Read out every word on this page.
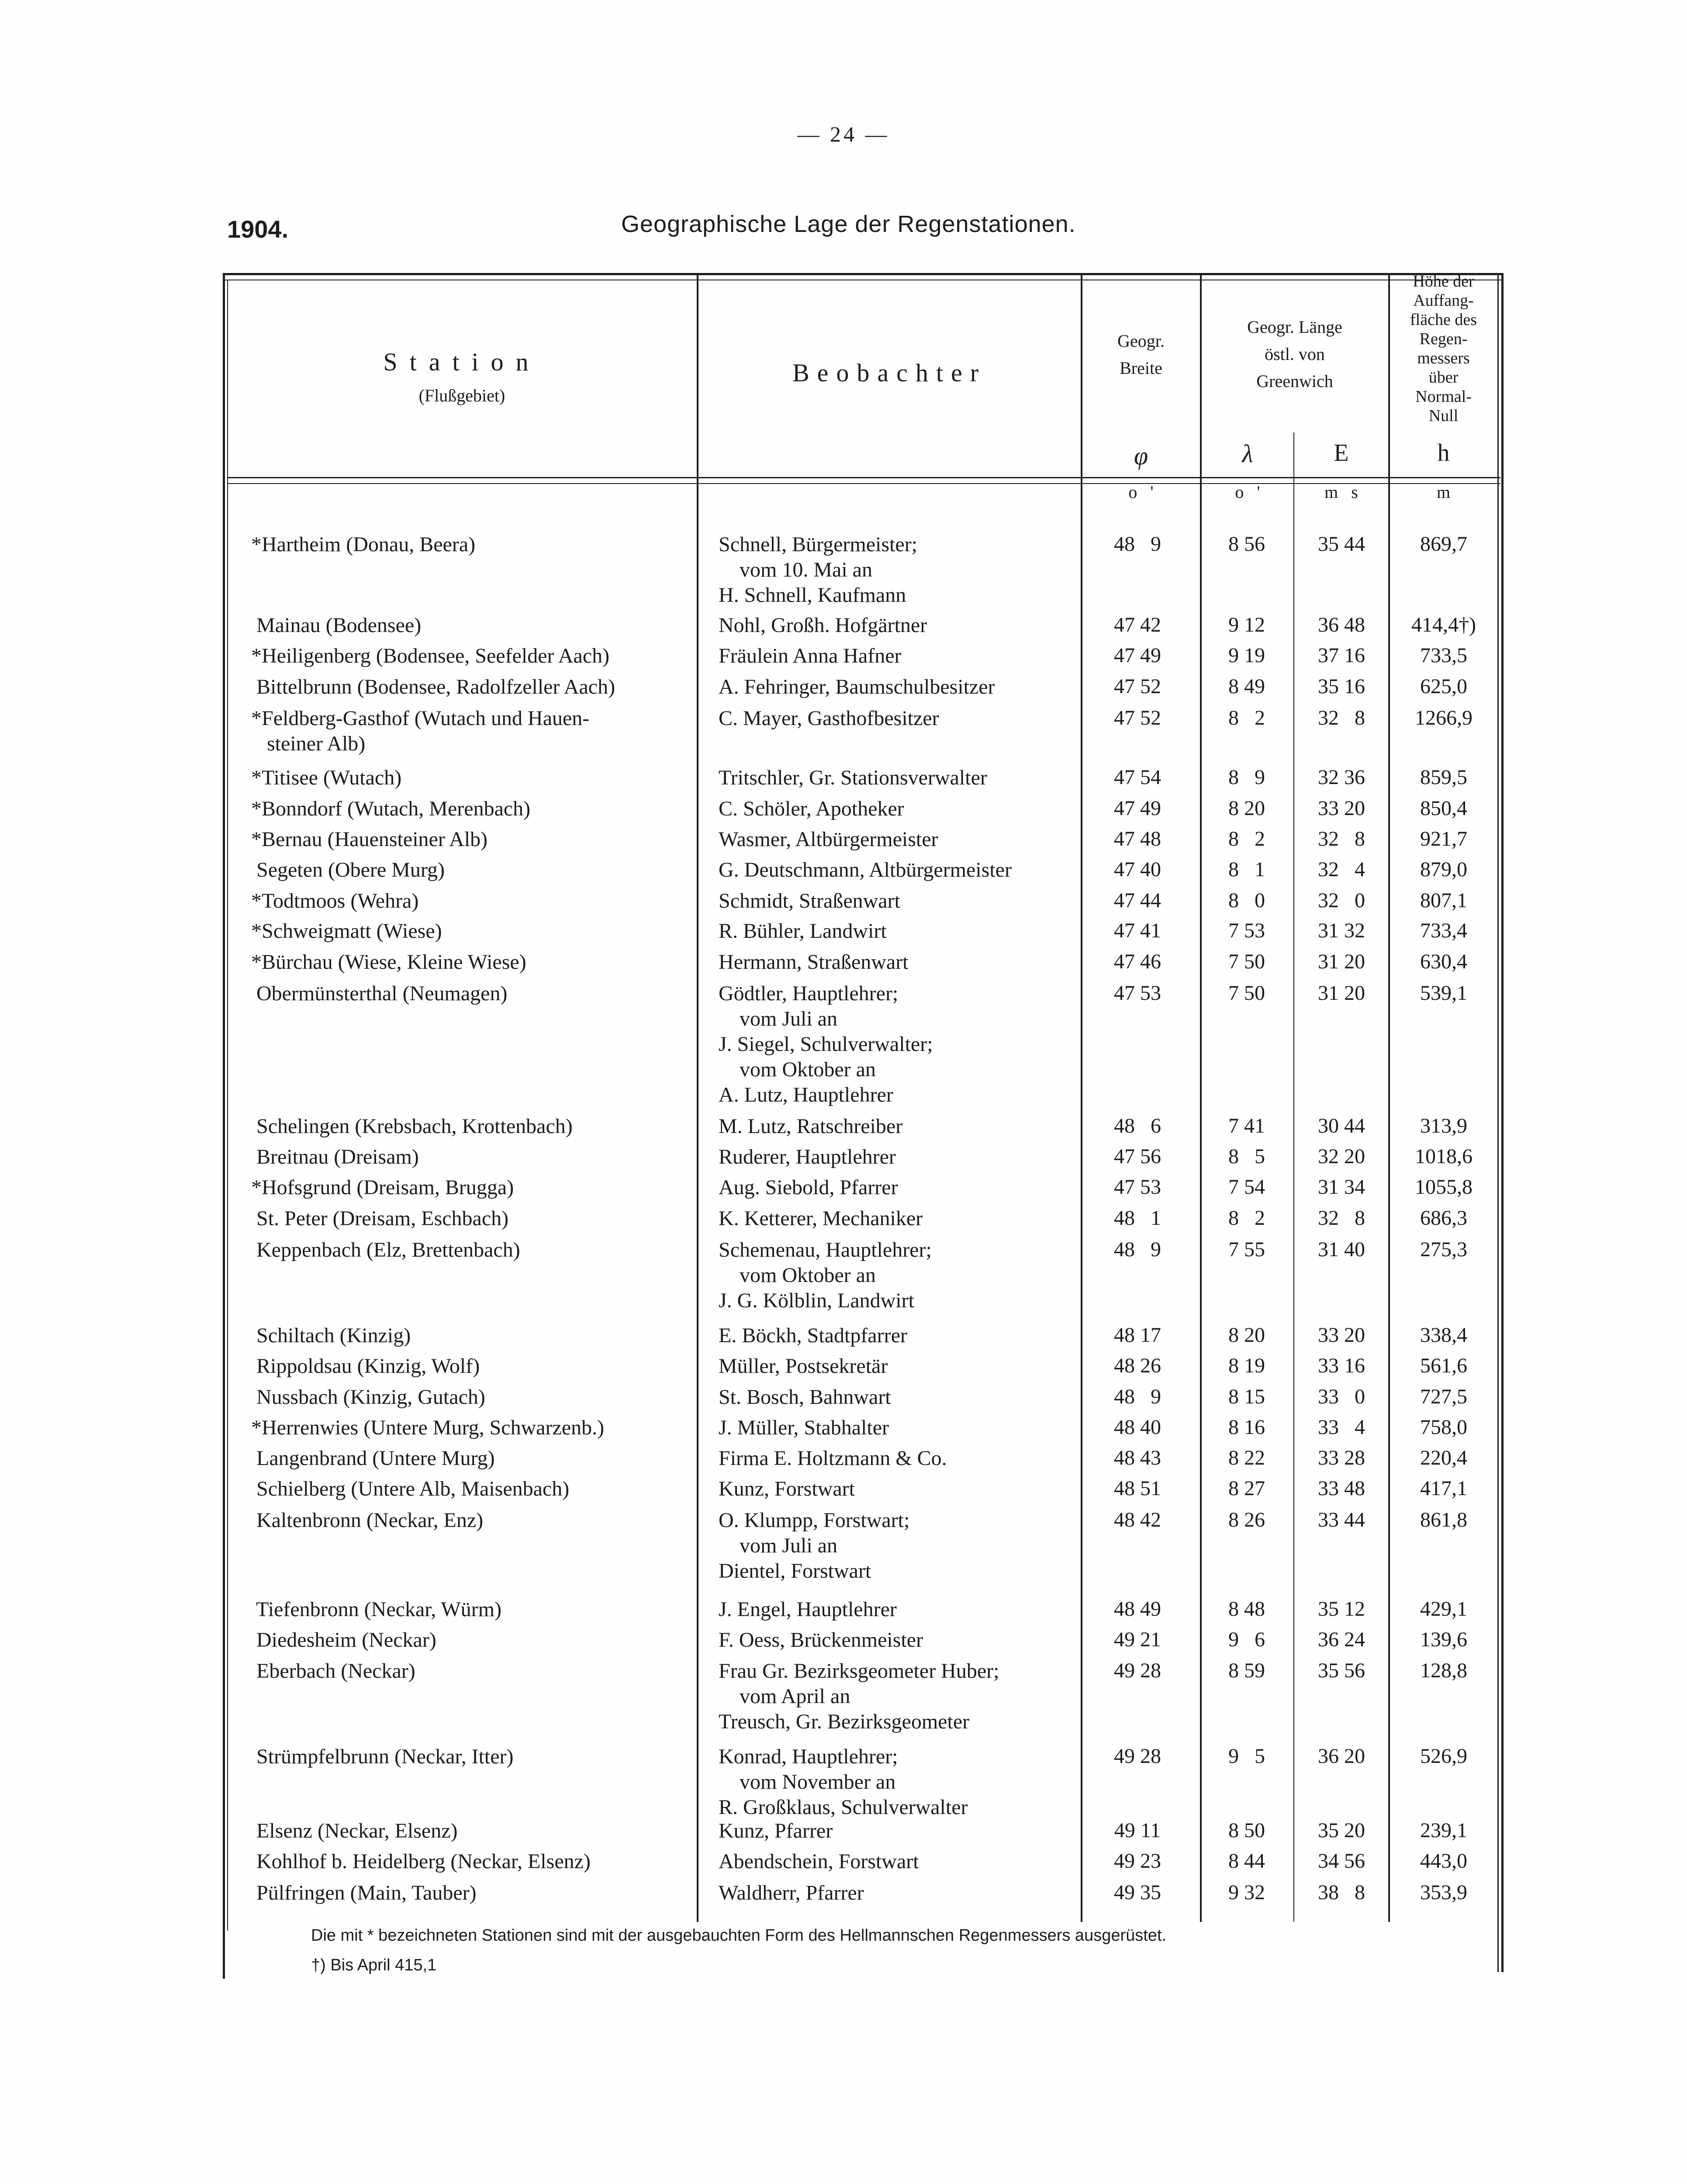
— 24 —
1904.	Geographische Lage der Regenstationen.
Station
(Flußgebiet)
Beobachter
Geogr.
Breite
Geogr. Länge
östl. von
Greenwich
Höhe der
Auffang-
fläche des
Regen-
messers
über
Normal-
Null
φ	λ	E	h
o   '	o   '	m   s	m
*Hartheim (Donau, Beera)	Schnell, Bürgermeister;
vom 10. Mai an
H. Schnell, Kaufmann
48   9	8 56	35 44	869,7
Mainau (Bodensee)	Nohl, Großh. Hofgärtner	47 42	9 12	36 48	414,4†)
*Heiligenberg (Bodensee, Seefelder Aach)	Fräulein Anna Hafner	47 49	9 19	37 16	733,5
Bittelbrunn (Bodensee, Radolfzeller Aach)	A. Fehringer, Baumschulbesitzer	47 52	8 49	35 16	625,0
*Feldberg-Gasthof (Wutach und Hauen-
steiner Alb)
C. Mayer, Gasthofbesitzer	47 52	8   2	32   8	1266,9
*Titisee (Wutach)	Tritschler, Gr. Stationsverwalter	47 54	8   9	32 36	859,5
*Bonndorf (Wutach, Merenbach)	C. Schöler, Apotheker	47 49	8 20	33 20	850,4
*Bernau (Hauensteiner Alb)	Wasmer, Altbürgermeister	47 48	8   2	32   8	921,7
Segeten (Obere Murg)	G. Deutschmann, Altbürgermeister	47 40	8   1	32   4	879,0
*Todtmoos (Wehra)	Schmidt, Straßenwart	47 44	8   0	32   0	807,1
*Schweigmatt (Wiese)	R. Bühler, Landwirt	47 41	7 53	31 32	733,4
*Bürchau (Wiese, Kleine Wiese)	Hermann, Straßenwart	47 46	7 50	31 20	630,4
Obermünsterthal (Neumagen)	Gödtler, Hauptlehrer;
vom Juli an
J. Siegel, Schulverwalter;
vom Oktober an
A. Lutz, Hauptlehrer
47 53	7 50	31 20	539,1
Schelingen (Krebsbach, Krottenbach)	M. Lutz, Ratschreiber	48   6	7 41	30 44	313,9
Breitnau (Dreisam)	Ruderer, Hauptlehrer	47 56	8   5	32 20	1018,6
*Hofsgrund (Dreisam, Brugga)	Aug. Siebold, Pfarrer	47 53	7 54	31 34	1055,8
St. Peter (Dreisam, Eschbach)	K. Ketterer, Mechaniker	48   1	8   2	32   8	686,3
Keppenbach (Elz, Brettenbach)	Schemenau, Hauptlehrer;
vom Oktober an
J. G. Kölblin, Landwirt
48   9	7 55	31 40	275,3
Schiltach (Kinzig)	E. Böckh, Stadtpfarrer	48 17	8 20	33 20	338,4
Rippoldsau (Kinzig, Wolf)	Müller, Postsekretär	48 26	8 19	33 16	561,6
Nussbach (Kinzig, Gutach)	St. Bosch, Bahnwart	48   9	8 15	33   0	727,5
*Herrenwies (Untere Murg, Schwarzenb.)	J. Müller, Stabhalter	48 40	8 16	33   4	758,0
Langenbrand (Untere Murg)	Firma E. Holtzmann & Co.	48 43	8 22	33 28	220,4
Schielberg (Untere Alb, Maisenbach)	Kunz, Forstwart	48 51	8 27	33 48	417,1
Kaltenbronn (Neckar, Enz)	O. Klumpp, Forstwart;
vom Juli an
Dientel, Forstwart
48 42	8 26	33 44	861,8
Tiefenbronn (Neckar, Würm)	J. Engel, Hauptlehrer	48 49	8 48	35 12	429,1
Diedesheim (Neckar)	F. Oess, Brückenmeister	49 21	9   6	36 24	139,6
Eberbach (Neckar)	Frau Gr. Bezirksgeometer Huber;
vom April an
Treusch, Gr. Bezirksgeometer
49 28	8 59	35 56	128,8
Strümpfelbrunn (Neckar, Itter)	Konrad, Hauptlehrer;
vom November an
R. Großklaus, Schulverwalter
49 28	9   5	36 20	526,9
Elsenz (Neckar, Elsenz)	Kunz, Pfarrer	49 11	8 50	35 20	239,1
Kohlhof b. Heidelberg (Neckar, Elsenz)	Abendschein, Forstwart	49 23	8 44	34 56	443,0
Pülfringen (Main, Tauber)	Waldherr, Pfarrer	49 35	9 32	38   8	353,9
Die mit * bezeichneten Stationen sind mit der ausgebauchten Form des Hellmannschen Regenmessers ausgerüstet.
†) Bis April 415,1
